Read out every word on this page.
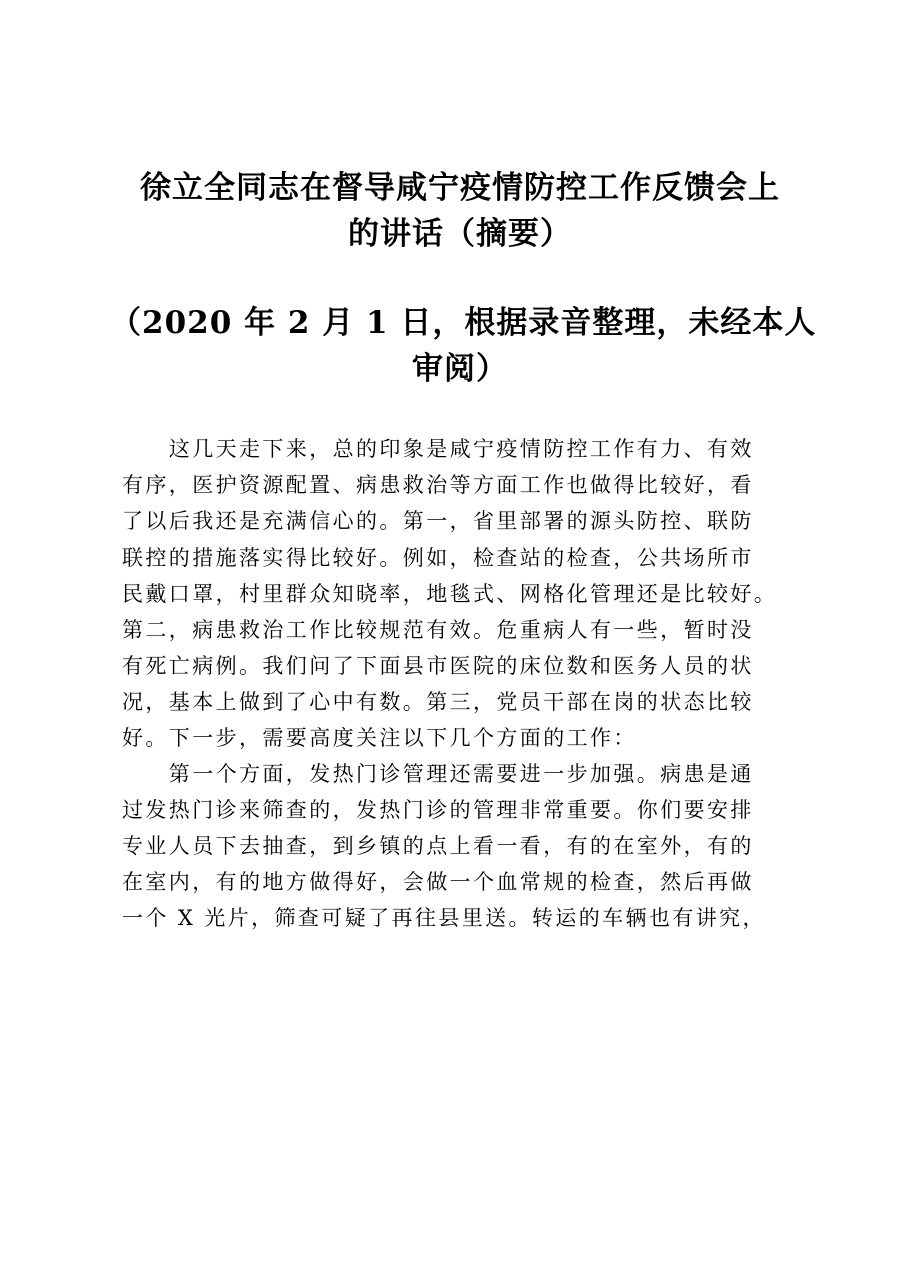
徐立全同志在督导咸宁疫情防控工作反馈会上
的讲话（摘要）
（2020 年 2 月 1 日，根据录音整理，未经本人
审阅）
　　这几天走下来，总的印象是咸宁疫情防控工作有力、有效
有序，医护资源配置、病患救治等方面工作也做得比较好，看
了以后我还是充满信心的。第一，省里部署的源头防控、联防
联控的措施落实得比较好。例如，检查站的检查，公共场所市
民戴口罩，村里群众知晓率，地毯式、网格化管理还是比较好。
第二，病患救治工作比较规范有效。危重病人有一些，暂时没
有死亡病例。我们问了下面县市医院的床位数和医务人员的状
况，基本上做到了心中有数。第三，党员干部在岗的状态比较
好。下一步，需要高度关注以下几个方面的工作：
　　第一个方面，发热门诊管理还需要进一步加强。病患是通
过发热门诊来筛查的，发热门诊的管理非常重要。你们要安排
专业人员下去抽查，到乡镇的点上看一看，有的在室外，有的
在室内，有的地方做得好，会做一个血常规的检查，然后再做
一个 X 光片，筛查可疑了再往县里送。转运的车辆也有讲究，
